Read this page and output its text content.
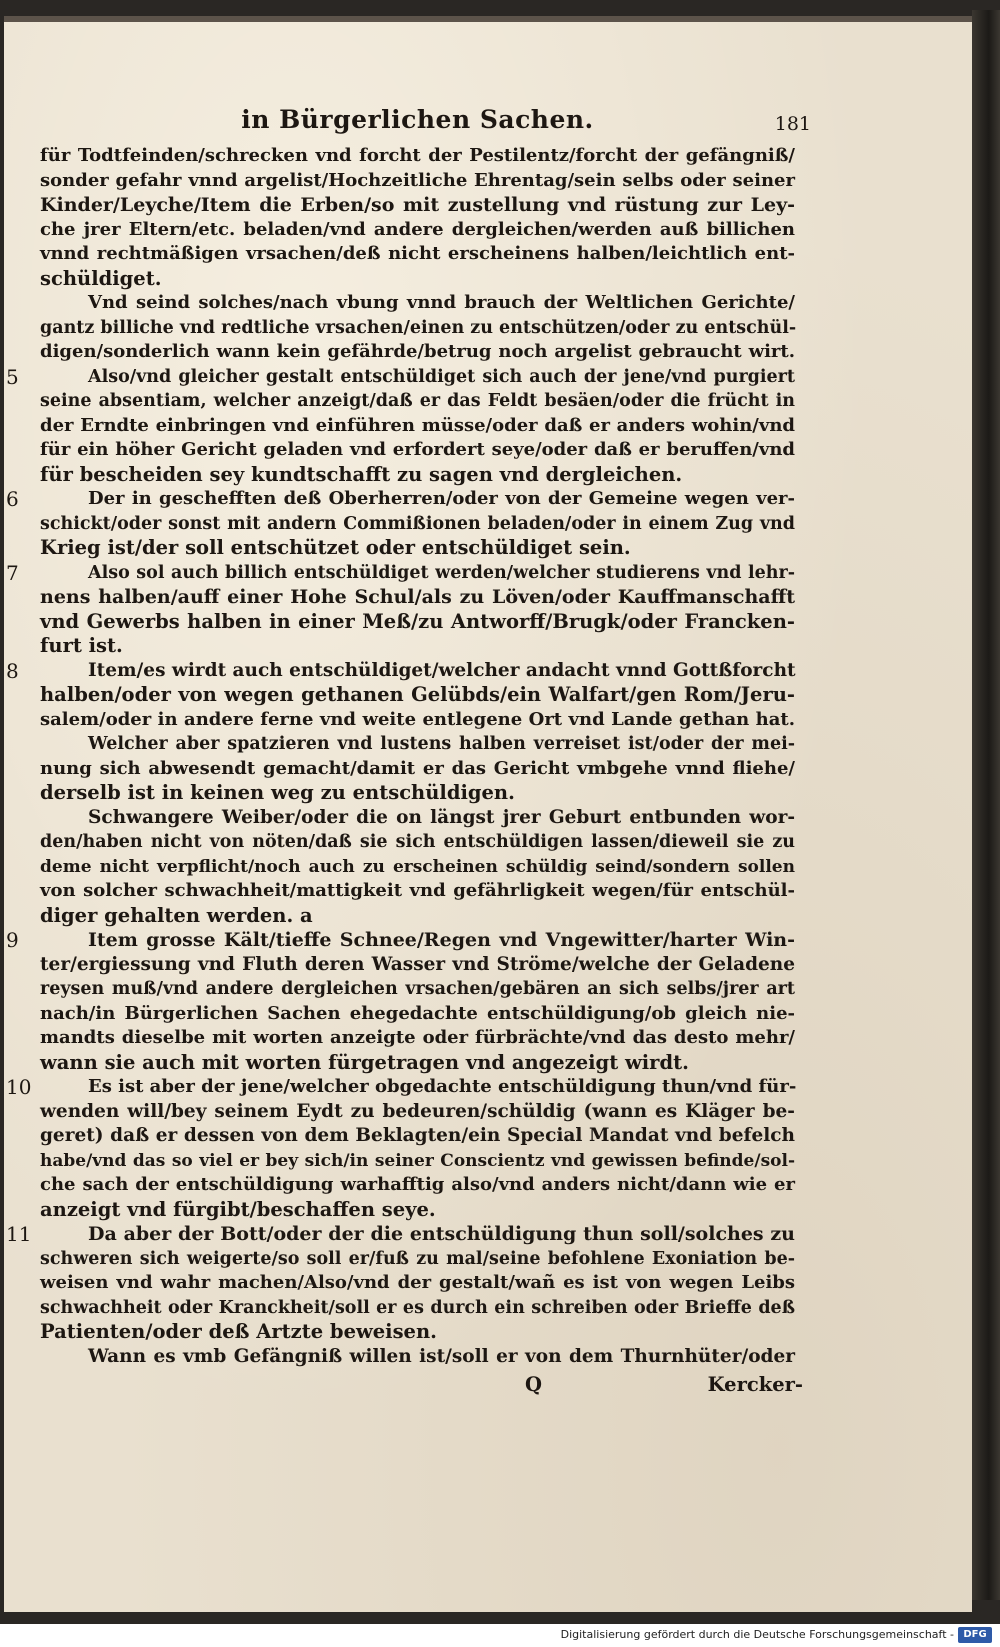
in Bürgerlichen Sachen.	181
für Todtfeinden/schrecken vnd forcht der Pestilentz/forcht der gefängniß/
sonder gefahr vnnd argelist/Hochzeitliche Ehrentag/sein selbs oder seiner
Kinder/Leyche/Item die Erben/so mit zustellung vnd rüstung zur Ley-
che jrer Eltern/etc. beladen/vnd andere dergleichen/werden auß billichen
vnnd rechtmäßigen vrsachen/deß nicht erscheinens halben/leichtlich ent-
schüldiget.
Vnd seind solches/nach vbung vnnd brauch der Weltlichen Gerichte/
gantz billiche vnd redtliche vrsachen/einen zu entschützen/oder zu entschül-
digen/sonderlich wann kein gefährde/betrug noch argelist gebraucht wirt.
5	Also/vnd gleicher gestalt entschüldiget sich auch der jene/vnd purgiert
seine absentiam, welcher anzeigt/daß er das Feldt besäen/oder die frücht in
der Erndte einbringen vnd einführen müsse/oder daß er anders wohin/vnd
für ein höher Gericht geladen vnd erfordert seye/oder daß er beruffen/vnd
für bescheiden sey kundtschafft zu sagen vnd dergleichen.
6	Der in geschefften deß Oberherren/oder von der Gemeine wegen ver-
schickt/oder sonst mit andern Commißionen beladen/oder in einem Zug vnd
Krieg ist/der soll entschützet oder entschüldiget sein.
7	Also sol auch billich entschüldiget werden/welcher studierens vnd lehr-
nens halben/auff einer Hohe Schul/als zu Löven/oder Kauffmanschafft
vnd Gewerbs halben in einer Meß/zu Antworff/Brugk/oder Francken-
furt ist.
8	Item/es wirdt auch entschüldiget/welcher andacht vnnd Gottßforcht
halben/oder von wegen gethanen Gelübds/ein Walfart/gen Rom/Jeru-
salem/oder in andere ferne vnd weite entlegene Ort vnd Lande gethan hat.
Welcher aber spatzieren vnd lustens halben verreiset ist/oder der mei-
nung sich abwesendt gemacht/damit er das Gericht vmbgehe vnnd fliehe/
derselb ist in keinen weg zu entschüldigen.
Schwangere Weiber/oder die on längst jrer Geburt entbunden wor-
den/haben nicht von nöten/daß sie sich entschüldigen lassen/dieweil sie zu
deme nicht verpflicht/noch auch zu erscheinen schüldig seind/sondern sollen
von solcher schwachheit/mattigkeit vnd gefährligkeit wegen/für entschül-
diger gehalten werden. a
9	Item grosse Kält/tieffe Schnee/Regen vnd Vngewitter/harter Win-
ter/ergiessung vnd Fluth deren Wasser vnd Ströme/welche der Geladene
reysen muß/vnd andere dergleichen vrsachen/gebären an sich selbs/jrer art
nach/in Bürgerlichen Sachen ehegedachte entschüldigung/ob gleich nie-
mandts dieselbe mit worten anzeigte oder fürbrächte/vnd das desto mehr/
wann sie auch mit worten fürgetragen vnd angezeigt wirdt.
10	Es ist aber der jene/welcher obgedachte entschüldigung thun/vnd für-
wenden will/bey seinem Eydt zu bedeuren/schüldig (wann es Kläger be-
geret) daß er dessen von dem Beklagten/ein Special Mandat vnd befelch
habe/vnd das so viel er bey sich/in seiner Conscientz vnd gewissen befinde/sol-
che sach der entschüldigung warhafftig also/vnd anders nicht/dann wie er
anzeigt vnd fürgibt/beschaffen seye.
11	Da aber der Bott/oder der die entschüldigung thun soll/solches zu
schweren sich weigerte/so soll er/fuß zu mal/seine befohlene Exoniation be-
weisen vnd wahr machen/Also/vnd der gestalt/wañ es ist von wegen Leibs
schwachheit oder Kranckheit/soll er es durch ein schreiben oder Brieffe deß
Patienten/oder deß Artzte beweisen.
Wann es vmb Gefängniß willen ist/soll er von dem Thurnhüter/oder
Q	Kercker-
Digitalisierung gefördert durch die Deutsche Forschungsgemeinschaft - DFG
